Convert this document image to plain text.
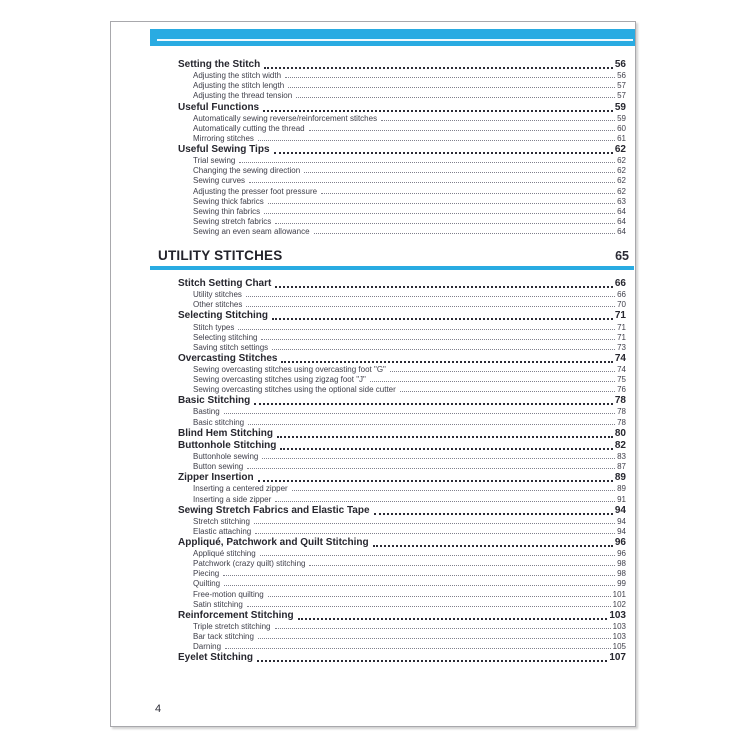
Setting the Stitch	56
Adjusting the stitch width	56
Adjusting the stitch length	57
Adjusting the thread tension	57
Useful Functions	59
Automatically sewing reverse/reinforcement stitches	59
Automatically cutting the thread	60
Mirroring stitches	61
Useful Sewing Tips	62
Trial sewing	62
Changing the sewing direction	62
Sewing curves	62
Adjusting the presser foot pressure	62
Sewing thick fabrics	63
Sewing thin fabrics	64
Sewing stretch fabrics	64
Sewing an even seam allowance	64
UTILITY STITCHES	65
Stitch Setting Chart	66
Utility stitches	66
Other stitches	70
Selecting Stitching	71
Stitch types	71
Selecting stitching	71
Saving stitch settings	73
Overcasting Stitches	74
Sewing overcasting stitches using overcasting foot "G"	74
Sewing overcasting stitches using zigzag foot "J"	75
Sewing overcasting stitches using the optional side cutter	76
Basic Stitching	78
Basting	78
Basic stitching	78
Blind Hem Stitching	80
Buttonhole Stitching	82
Buttonhole sewing	83
Button sewing	87
Zipper Insertion	89
Inserting a centered zipper	89
Inserting a side zipper	91
Sewing Stretch Fabrics and Elastic Tape	94
Stretch stitching	94
Elastic attaching	94
Appliqué, Patchwork and Quilt Stitching	96
Appliqué stitching	96
Patchwork (crazy quilt) stitching	98
Piecing	98
Quilting	99
Free-motion quilting	101
Satin stitching	102
Reinforcement Stitching	103
Triple stretch stitching	103
Bar tack stitching	103
Darning	105
Eyelet Stitching	107
4
